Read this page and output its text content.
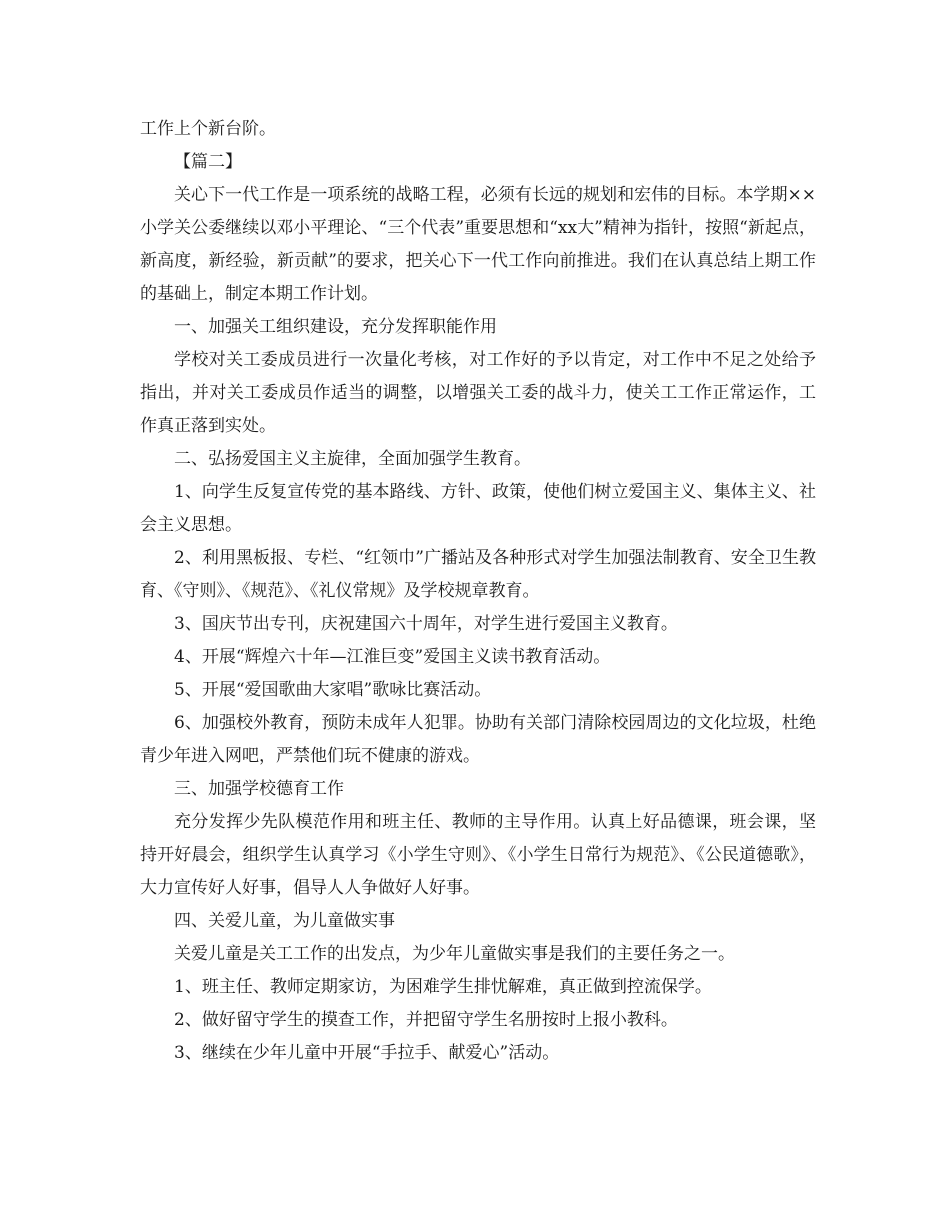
工作上个新台阶。

【篇二】

关心下一代工作是一项系统的战略工程，必须有长远的规划和宏伟的目标。本学期××小学关公委继续以邓小平理论、“三个代表”重要思想和“xx大”精神为指针，按照“新起点，新高度，新经验，新贡献”的要求，把关心下一代工作向前推进。我们在认真总结上期工作的基础上，制定本期工作计划。

一、加强关工组织建设，充分发挥职能作用

学校对关工委成员进行一次量化考核，对工作好的予以肯定，对工作中不足之处给予指出，并对关工委成员作适当的调整，以增强关工委的战斗力，使关工工作正常运作，工作真正落到实处。

二、弘扬爱国主义主旋律，全面加强学生教育。

1、向学生反复宣传党的基本路线、方针、政策，使他们树立爱国主义、集体主义、社会主义思想。

2、利用黑板报、专栏、“红领巾”广播站及各种形式对学生加强法制教育、安全卫生教育、《守则》、《规范》、《礼仪常规》及学校规章教育。

3、国庆节出专刊，庆祝建国六十周年，对学生进行爱国主义教育。

4、开展“辉煌六十年—江淮巨变”爱国主义读书教育活动。

5、开展“爱国歌曲大家唱”歌咏比赛活动。

6、加强校外教育，预防未成年人犯罪。协助有关部门清除校园周边的文化垃圾，杜绝青少年进入网吧，严禁他们玩不健康的游戏。

三、加强学校德育工作

充分发挥少先队模范作用和班主任、教师的主导作用。认真上好品德课，班会课，坚持开好晨会，组织学生认真学习《小学生守则》、《小学生日常行为规范》、《公民道德歌》，大力宣传好人好事，倡导人人争做好人好事。

四、关爱儿童，为儿童做实事

关爱儿童是关工工作的出发点，为少年儿童做实事是我们的主要任务之一。

1、班主任、教师定期家访，为困难学生排忧解难，真正做到控流保学。

2、做好留守学生的摸查工作，并把留守学生名册按时上报小教科。

3、继续在少年儿童中开展“手拉手、献爱心”活动。
